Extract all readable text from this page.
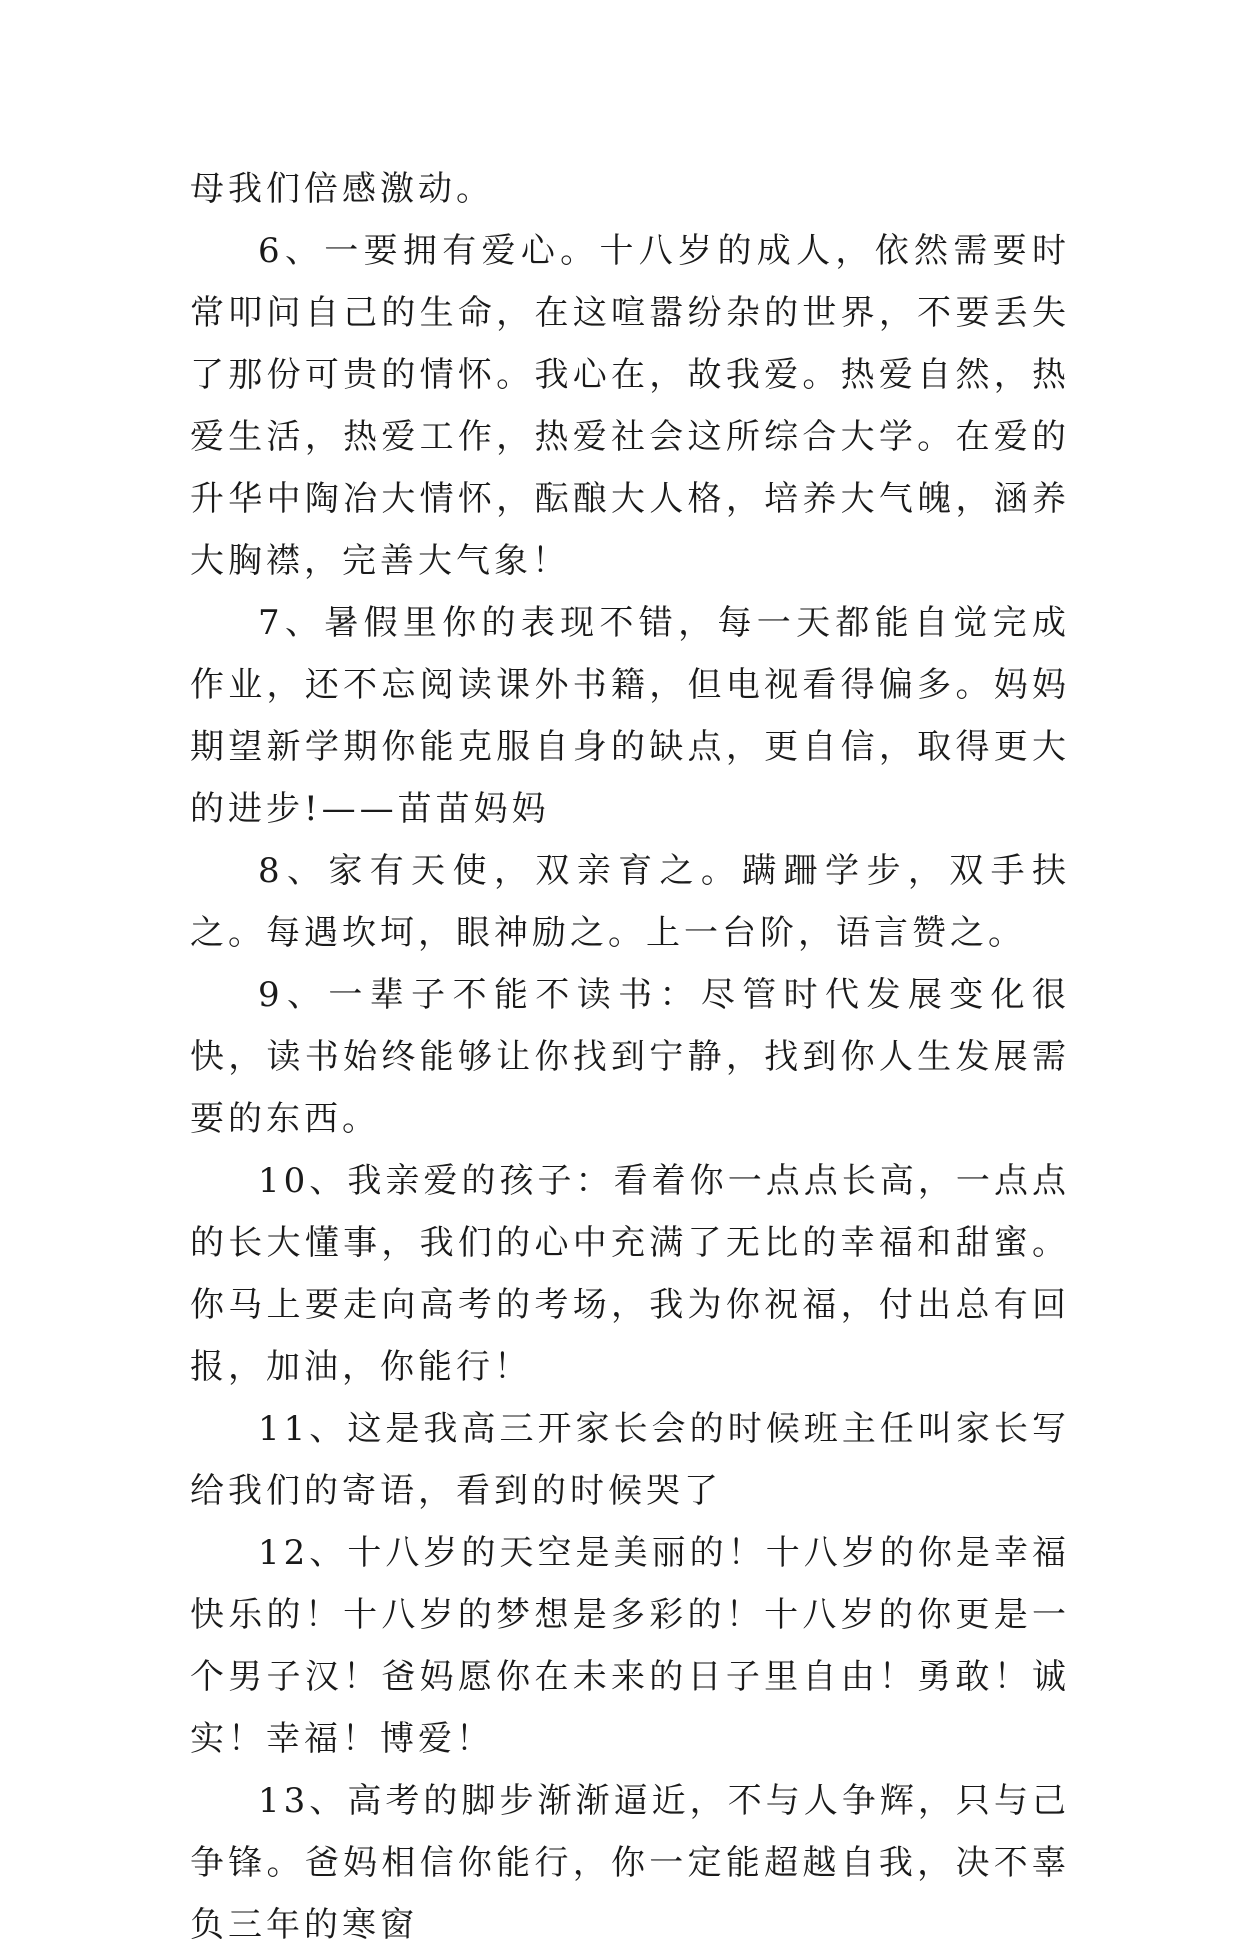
母我们倍感激动。

6、一要拥有爱心。十八岁的成人，依然需要时常叩问自己的生命，在这喧嚣纷杂的世界，不要丢失了那份可贵的情怀。我心在，故我爱。热爱自然，热爱生活，热爱工作，热爱社会这所综合大学。在爱的升华中陶冶大情怀，酝酿大人格，培养大气魄，涵养大胸襟，完善大气象！

7、暑假里你的表现不错，每一天都能自觉完成作业，还不忘阅读课外书籍，但电视看得偏多。妈妈期望新学期你能克服自身的缺点，更自信，取得更大的进步!——苗苗妈妈

8、家有天使，双亲育之。蹒跚学步，双手扶之。每遇坎坷，眼神励之。上一台阶，语言赞之。

9、一辈子不能不读书：尽管时代发展变化很快，读书始终能够让你找到宁静，找到你人生发展需要的东西。

10、我亲爱的孩子：看着你一点点长高，一点点的长大懂事，我们的心中充满了无比的幸福和甜蜜。你马上要走向高考的考场，我为你祝福，付出总有回报，加油，你能行！

11、这是我高三开家长会的时候班主任叫家长写给我们的寄语，看到的时候哭了

12、十八岁的天空是美丽的！十八岁的你是幸福快乐的！十八岁的梦想是多彩的！十八岁的你更是一个男子汉！爸妈愿你在未来的日子里自由！勇敢！诚实！幸福！博爱！

13、高考的脚步渐渐逼近，不与人争辉，只与己争锋。爸妈相信你能行，你一定能超越自我，决不辜负三年的寒窗
